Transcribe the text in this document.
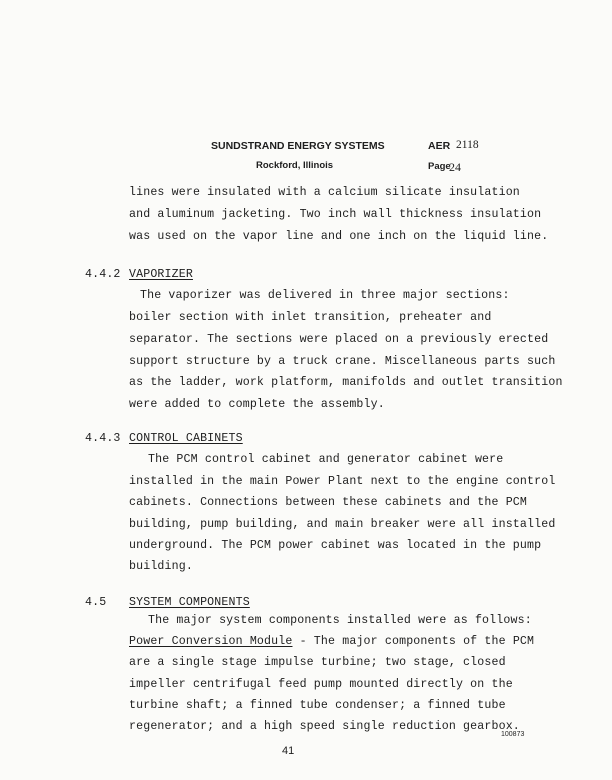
SUNDSTRAND ENERGY SYSTEMS
Rockford, Illinois
AER 2118
Page
24
lines were insulated with a calcium silicate insulation
and aluminum jacketing. Two inch wall thickness insulation
was used on the vapor line and one inch on the liquid line.
4.4.2 VAPORIZER
The vaporizer was delivered in three major sections:
boiler section with inlet transition, preheater and
separator. The sections were placed on a previously erected
support structure by a truck crane. Miscellaneous parts such
as the ladder, work platform, manifolds and outlet transition
were added to complete the assembly.
4.4.3 CONTROL CABINETS
The PCM control cabinet and generator cabinet were
installed in the main Power Plant next to the engine control
cabinets. Connections between these cabinets and the PCM
building, pump building, and main breaker were all installed
underground. The PCM power cabinet was located in the pump
building.
4.5 SYSTEM COMPONENTS
The major system components installed were as follows:
Power Conversion Module - The major components of the PCM
are a single stage impulse turbine; two stage, closed
impeller centrifugal feed pump mounted directly on the
turbine shaft; a finned tube condenser; a finned tube
regenerator; and a high speed single reduction gearbox.
100873
41
